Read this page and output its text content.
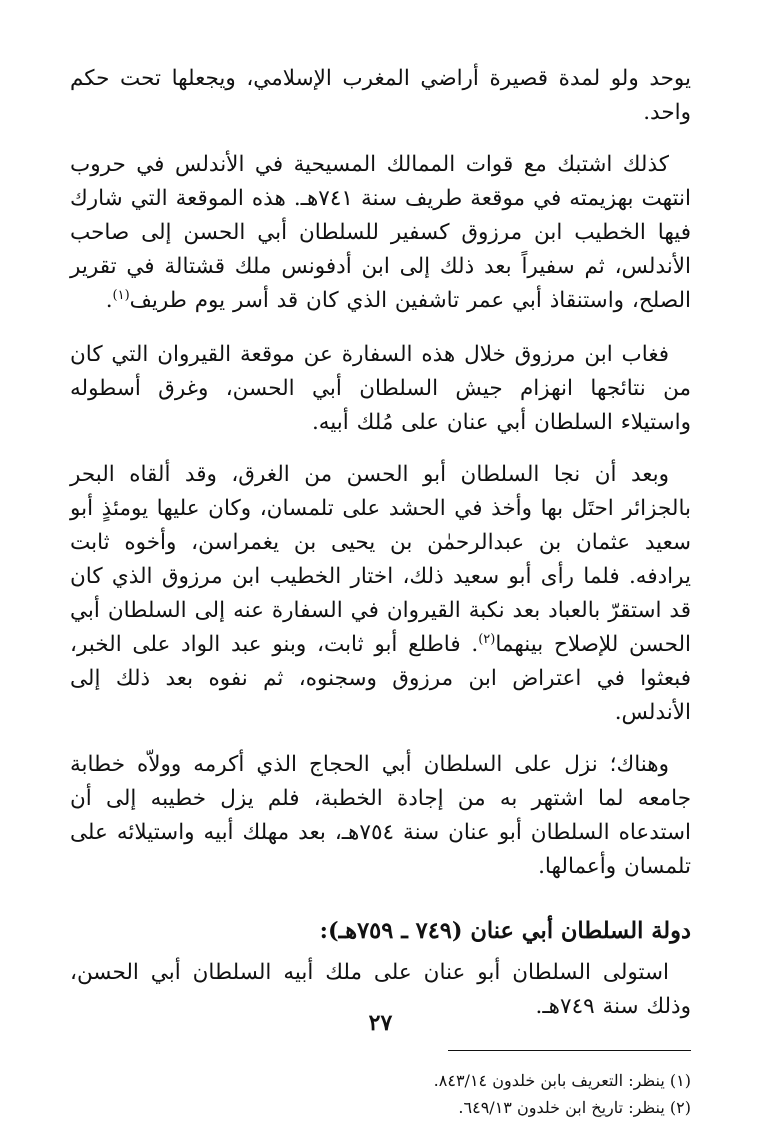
يوحد ولو لمدة قصيرة أراضي المغرب الإسلامي، ويجعلها تحت حكم واحد.

كذلك اشتبك مع قوات الممالك المسيحية في الأندلس في حروب انتهت بهزيمته في موقعة طريف سنة ٧٤١هـ. هذه الموقعة التي شارك فيها الخطيب ابن مرزوق كسفير للسلطان أبي الحسن إلى صاحب الأندلس، ثم سفيراً بعد ذلك إلى ابن أدفونس ملك قشتالة في تقرير الصلح، واستنقاذ أبي عمر تاشفين الذي كان قد أسر يوم طريف$^{(١)}$.

فغاب ابن مرزوق خلال هذه السفارة عن موقعة القيروان التي كان من نتائجها انهزام جيش السلطان أبي الحسن، وغرق أسطوله واستيلاء السلطان أبي عنان على مُلك أبيه.

وبعد أن نجا السلطان أبو الحسن من الغرق، وقد ألقاه البحر بالجزائر احتَل بها وأخذ في الحشد على تلمسان، وكان عليها يومئذٍ أبو سعيد عثمان بن عبدالرحمٰن بن يحيى بن يغمراسن، وأخوه ثابت يرادفه. فلما رأى أبو سعيد ذلك، اختار الخطيب ابن مرزوق الذي كان قد استقرّ بالعباد بعد نكبة القيروان في السفارة عنه إلى السلطان أبي الحسن للإصلاح بينهما$^{(٢)}$. فاطلع أبو ثابت، وبنو عبد الواد على الخبر، فبعثوا في اعتراض ابن مرزوق وسجنوه، ثم نفوه بعد ذلك إلى الأندلس.

وهناك؛ نزل على السلطان أبي الحجاج الذي أكرمه وولاّه خطابة جامعه لما اشتهر به من إجادة الخطبة، فلم يزل خطيبه إلى أن استدعاه السلطان أبو عنان سنة ٧٥٤هـ، بعد مهلك أبيه واستيلائه على تلمسان وأعمالها.

دولة السلطان أبي عنان (٧٤٩ ـ ٧٥٩هـ):

استولى السلطان أبو عنان على ملك أبيه السلطان أبي الحسن، وذلك سنة ٧٤٩هـ.

(١) ينظر: التعريف بابن خلدون ٨٤٣/١٤.

(٢) ينظر: تاريخ ابن خلدون ٦٤٩/١٣.

٢٧
